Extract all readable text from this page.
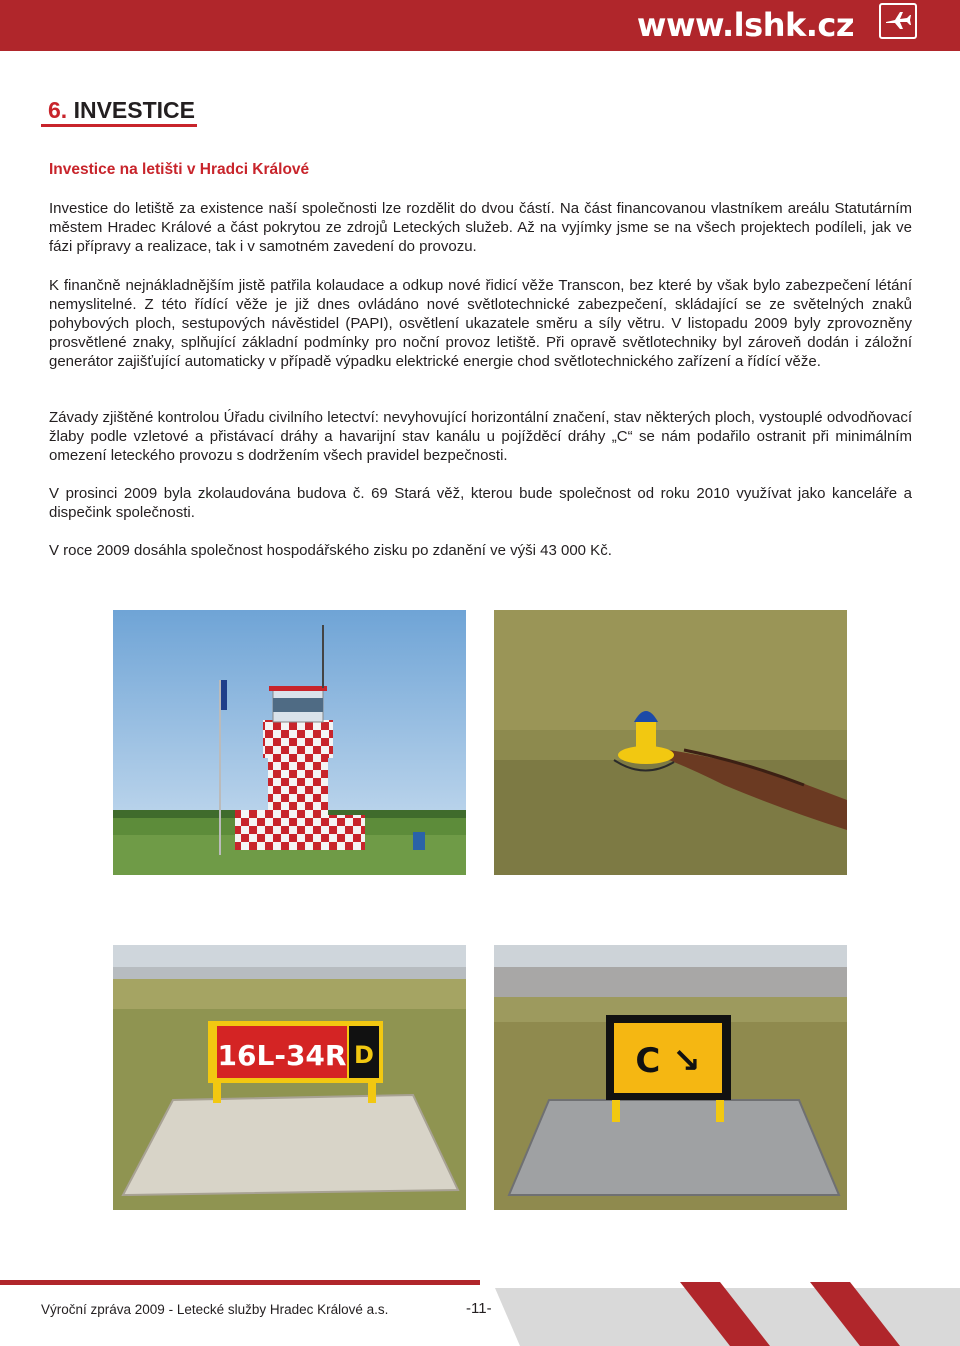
www.lshk.cz
6. INVESTICE
Investice na letišti v Hradci Králové

Investice do letiště za existence naší společnosti lze rozdělit do dvou částí. Na část financovanou vlastníkem areálu Statutárním městem Hradec Králové a část pokrytou ze zdrojů Leteckých služeb. Až na vyjímky jsme se na všech projektech podíleli, jak ve fázi přípravy a realizace, tak i v samotném zavedení do provozu.

K finančně nejnákladnějším jistě patřila kolaudace a odkup nové řidicí věže Transcon, bez které by však bylo zabezpečení létání nemyslitelné. Z této řídící věže je již dnes ovládáno nové světlotechnické zabezpečení, skládající se ze světelných znaků pohybových ploch, sestupových návěstidel (PAPI), osvětlení ukazatele směru a síly větru. V listopadu 2009 byly zprovozněny prosvětlené znaky, splňující základní podmínky pro noční provoz letiště. Při opravě světlotechniky byl zároveň dodán i záložní generátor zajišťující automaticky v případě výpadku elektrické energie chod světlotechnického zařízení a řídící věže.

Závady zjištěné kontrolou Úřadu civilního letectví: nevyhovující horizontální značení, stav některých ploch, vystouplé odvodňovací žlaby podle vzletové a přistávací dráhy a havarijní stav kanálu u pojížděcí dráhy „C“ se nám podařilo ostranit při minimálním omezení leteckého provozu s dodržením všech pravidel bezpečnosti.

V prosinci 2009 byla zkolaudována budova č. 69 Stará věž, kterou bude společnost od roku 2010 využívat jako kanceláře a dispečink společnosti.

V roce 2009 dosáhla společnost hospodářského zisku po zdanění ve výši 43 000 Kč.

16L-34R D	C ↘
Výroční zpráva 2009 - Letecké služby Hradec Králové a.s.	-11-
